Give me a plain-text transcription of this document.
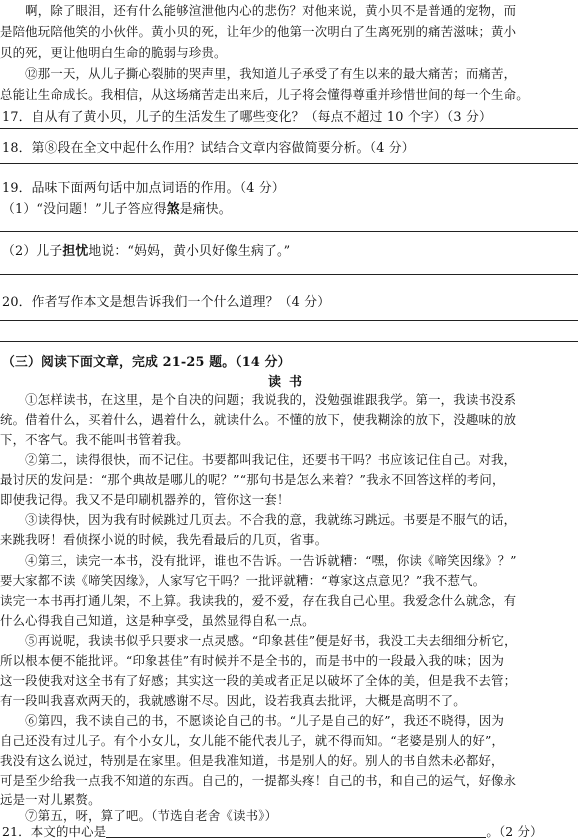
　　啊，除了眼泪，还有什么能够渲泄他内心的悲伤？对他来说，黄小贝不是普通的宠物，而
是陪他玩陪他笑的小伙伴。黄小贝的死，让年少的他第一次明白了生离死别的痛苦滋味；黄小
贝的死，更让他明白生命的脆弱与珍贵。
　　⑫那一天，从儿子撕心裂肺的哭声里，我知道儿子承受了有生以来的最大痛苦；而痛苦，
总能让生命成长。我相信，从这场痛苦走出来后，儿子将会懂得尊重并珍惜世间的每一个生命。
17．自从有了黄小贝，儿子的生活发生了哪些变化？（每点不超过 10 个字）（3 分）
18．第⑧段在全文中起什么作用？试结合文章内容做简要分析。（4 分）
19．品味下面两句话中加点词语的作用。（4 分）
（1）“没问题！”儿子答应得煞是痛快。
（2）儿子担忧地说：“妈妈，黄小贝好像生病了。”
20．作者写作本文是想告诉我们一个什么道理？（4 分）
（三）阅读下面文章，完成 21-25 题。（14 分）
读书
　　①怎样读书，在这里，是个自决的问题；我说我的，没勉强谁跟我学。第一，我读书没系
统。借着什么，买着什么，遇着什么，就读什么。不懂的放下，使我糊涂的放下，没趣味的放
下，不客气。我不能叫书管着我。
　　②第二，读得很快，而不记住。书要都叫我记住，还要书干吗？书应该记住自己。对我，
最讨厌的发问是：“那个典故是哪儿的呢？”“那句书是怎么来着？”我永不回答这样的考问，
即使我记得。我又不是印刷机器养的，管你这一套！
　　③读得快，因为我有时候跳过几页去。不合我的意，我就练习跳远。书要是不服气的话，
来跳我呀！看侦探小说的时候，我先看最后的几页，省事。
　　④第三，读完一本书，没有批评，谁也不告诉。一告诉就糟：“嘿，你读《啼笑因缘》？”
要大家都不读《啼笑因缘》，人家写它干吗？一批评就糟：“尊家这点意见？”我不惹气。
读完一本书再打通儿架，不上算。我读我的，爱不爱，存在我自己心里。我爱念什么就念，有
什么心得我自己知道，这是种享受，虽然显得自私一点。
　　⑤再说呢，我读书似乎只要求一点灵感。“印象甚佳”便是好书，我没工夫去细细分析它，
所以根本便不能批评。“印象甚佳”有时候并不是全书的，而是书中的一段最入我的味；因为
这一段使我对这全书有了好感；其实这一段的美或者正足以破坏了全体的美，但是我不去管；
有一段叫我喜欢两天的，我就感谢不尽。因此，设若我真去批评，大概是高明不了。
　　⑥第四，我不读自己的书，不愿谈论自己的书。“儿子是自己的好”，我还不晓得，因为
自己还没有过儿子。有个小女儿，女儿能不能代表儿子，就不得而知。“老婆是别人的好”，
我没有这么说过，特别是在家里。但是我准知道，书是别人的好。别人的书自然未必都好，
可是至少给我一点我不知道的东西。自己的，一提都头疼！自己的书，和自己的运气，好像永
远是一对儿累赘。
　　⑦第五，呀，算了吧。（节选自老舍《读书》）
21．本文的中心是	。（2 分）
